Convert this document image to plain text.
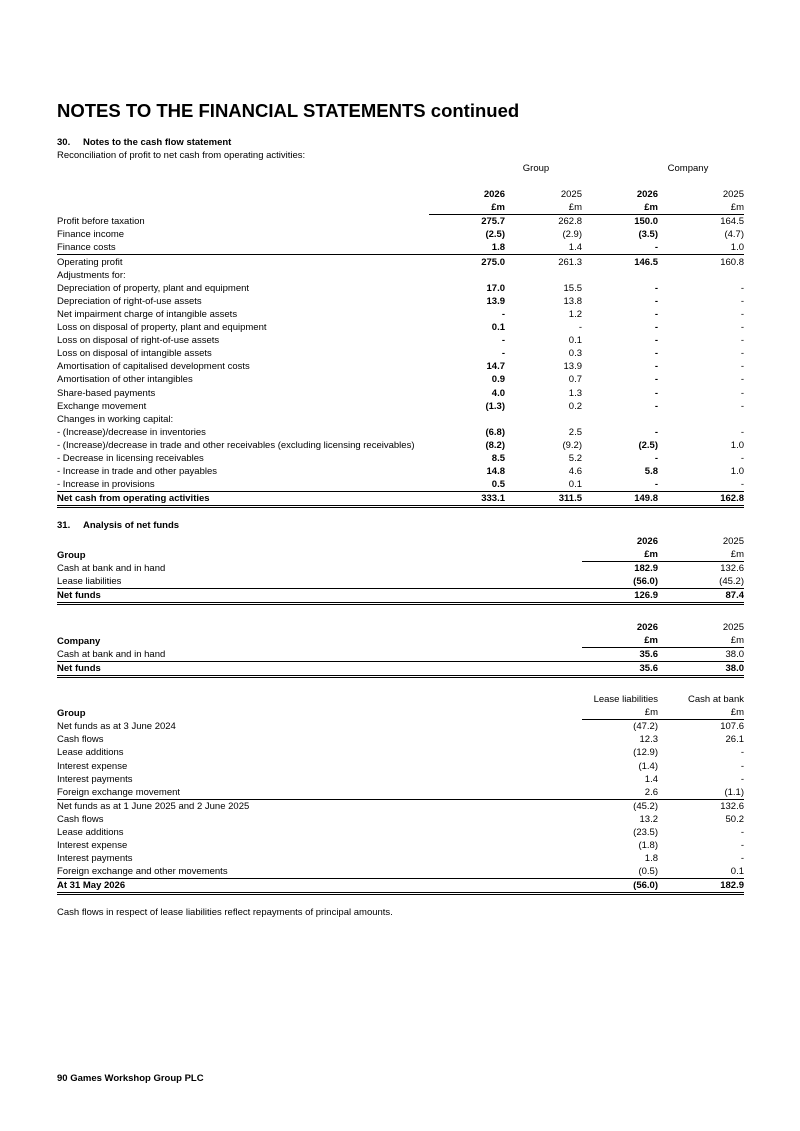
NOTES TO THE FINANCIAL STATEMENTS continued
30. Notes to the cash flow statement
Reconciliation of profit to net cash from operating activities:
Group	Company
	2026	2025	2026	2025
	£m	£m	£m	£m
Profit before taxation	275.7	262.8	150.0	164.5
Finance income	(2.5)	(2.9)	(3.5)	(4.7)
Finance costs	1.8	1.4	-	1.0
Operating profit	275.0	261.3	146.5	160.8
Adjustments for:				
Depreciation of property, plant and equipment	17.0	15.5	-	-
Depreciation of right-of-use assets	13.9	13.8	-	-
Net impairment charge of intangible assets	-	1.2	-	-
Loss on disposal of property, plant and equipment	0.1	-	-	-
Loss on disposal of right-of-use assets	-	0.1	-	-
Loss on disposal of intangible assets	-	0.3	-	-
Amortisation of capitalised development costs	14.7	13.9	-	-
Amortisation of other intangibles	0.9	0.7	-	-
Share-based payments	4.0	1.3	-	-
Exchange movement	(1.3)	0.2	-	-
Changes in working capital:				
- (Increase)/decrease in inventories	(6.8)	2.5	-	-
- (Increase)/decrease in trade and other receivables (excluding licensing receivables)	(8.2)	(9.2)	(2.5)	1.0
- Decrease in licensing receivables	8.5	5.2	-	-
- Increase in trade and other payables	14.8	4.6	5.8	1.0
- Increase in provisions	0.5	0.1	-	-
Net cash from operating activities	333.1	311.5	149.8	162.8
31. Analysis of net funds
	2026	2025
Group	£m	£m
Cash at bank and in hand	182.9	132.6
Lease liabilities	(56.0)	(45.2)
Net funds	126.9	87.4
	2026	2025
Company	£m	£m
Cash at bank and in hand	35.6	38.0
Net funds	35.6	38.0
	Lease liabilities	Cash at bank
Group	£m	£m
Net funds as at 3 June 2024	(47.2)	107.6
Cash flows	12.3	26.1
Lease additions	(12.9)	-
Interest expense	(1.4)	-
Interest payments	1.4	-
Foreign exchange movement	2.6	(1.1)
Net funds as at 1 June 2025 and 2 June 2025	(45.2)	132.6
Cash flows	13.2	50.2
Lease additions	(23.5)	-
Interest expense	(1.8)	-
Interest payments	1.8	-
Foreign exchange and other movements	(0.5)	0.1
At 31 May 2026	(56.0)	182.9
Cash flows in respect of lease liabilities reflect repayments of principal amounts.
90 Games Workshop Group PLC
